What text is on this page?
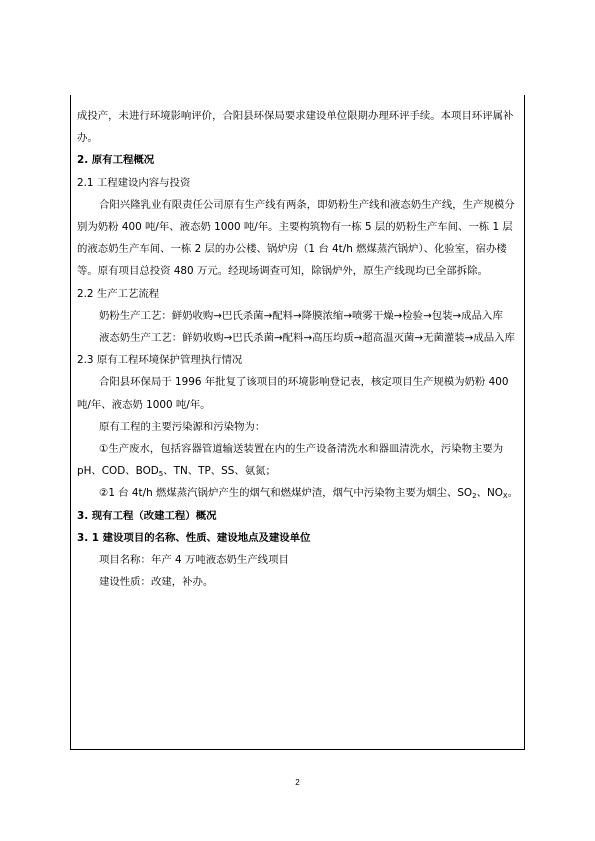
成投产，未进行环境影响评价，合阳县环保局要求建设单位限期办理环评手续。本项目环评属补办。

2. 原有工程概况

2.1 工程建设内容与投资

合阳兴隆乳业有限责任公司原有生产线有两条，即奶粉生产线和液态奶生产线，生产规模分别为奶粉 400 吨/年、液态奶 1000 吨/年。主要构筑物有一栋 5 层的奶粉生产车间、一栋 1 层的液态奶生产车间、一栋 2 层的办公楼、锅炉房（1 台 4t/h 燃煤蒸汽锅炉）、化验室，宿办楼等。原有项目总投资 480 万元。经现场调查可知，除锅炉外，原生产线现均已全部拆除。

2.2 生产工艺流程

奶粉生产工艺：鲜奶收购→巴氏杀菌→配料→降膜浓缩→喷雾干燥→检验→包装→成品入库

液态奶生产工艺：鲜奶收购→巴氏杀菌→配料→高压均质→超高温灭菌→无菌灌装→成品入库

2.3 原有工程环境保护管理执行情况

合阳县环保局于 1996 年批复了该项目的环境影响登记表，核定项目生产规模为奶粉 400 吨/年、液态奶 1000 吨/年。

原有工程的主要污染源和污染物为：

①生产废水，包括容器管道输送装置在内的生产设备清洗水和器皿清洗水，污染物主要为 pH、COD、$BOD_5$、TN、TP、SS、氨氮；

②1 台 4t/h 燃煤蒸汽锅炉产生的烟气和燃煤炉渣，烟气中污染物主要为烟尘、$SO_2$、$NO_X$。

3. 现有工程（改建工程）概况

3. 1 建设项目的名称、性质、建设地点及建设单位

项目名称：年产 4 万吨液态奶生产线项目

建设性质：改建，补办。

2
